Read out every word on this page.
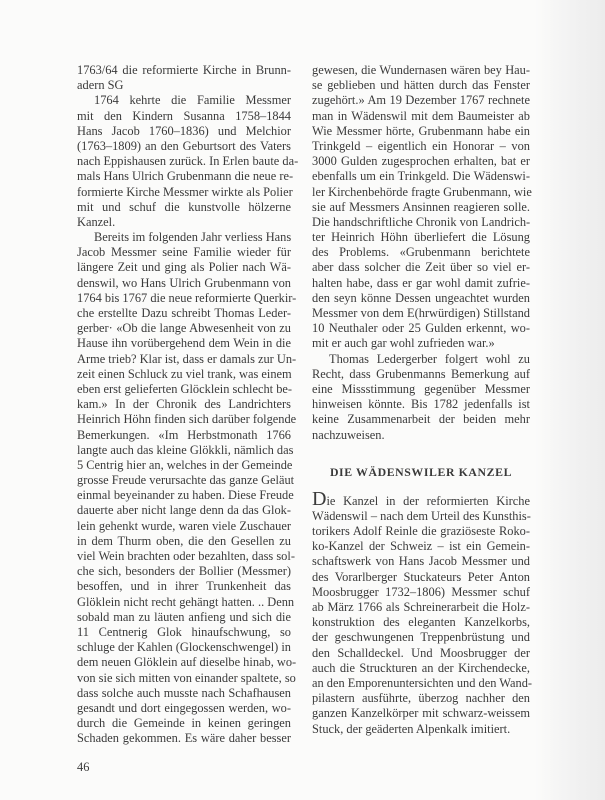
1763/64 die reformierte Kirche in Brunn-
adern SG
1764 kehrte die Familie Messmer
mit den Kindern Susanna 1758–1844
Hans Jacob 1760–1836) und Melchior
(1763–1809) an den Geburtsort des Vaters
nach Eppishausen zurück. In Erlen baute da-
mals Hans Ulrich Grubenmann die neue re-
formierte Kirche Messmer wirkte als Polier
mit und schuf die kunstvolle hölzerne
Kanzel.
Bereits im folgenden Jahr verliess Hans
Jacob Messmer seine Familie wieder für
längere Zeit und ging als Polier nach Wä-
denswil, wo Hans Ulrich Grubenmann von
1764 bis 1767 die neue reformierte Querkir-
che erstellte Dazu schreibt Thomas Leder-
gerber· «Ob die lange Abwesenheit von zu
Hause ihn vorübergehend dem Wein in die
Arme trieb? Klar ist, dass er damals zur Un-
zeit einen Schluck zu viel trank, was einem
eben erst gelieferten Glöcklein schlecht be-
kam.» In der Chronik des Landrichters
Heinrich Höhn finden sich darüber folgende
Bemerkungen. «Im Herbstmonath 1766
langte auch das kleine Glökkli, nämlich das
5 Centrig hier an, welches in der Gemeinde
grosse Freude verursachte das ganze Geläut
einmal beyeinander zu haben. Diese Freude
dauerte aber nicht lange denn da das Glok-
lein gehenkt wurde, waren viele Zuschauer
in dem Thurm oben, die den Gesellen zu
viel Wein brachten oder bezahlten, dass sol-
che sich, besonders der Bollier (Messmer)
besoffen, und in ihrer Trunkenheit das
Glöklein nicht recht gehängt hatten. .. Denn
sobald man zu läuten anfieng und sich die
11 Centnerig Glok hinaufschwung, so
schluge der Kahlen (Glockenschwengel) in
dem neuen Glöklein auf dieselbe hinab, wo-
von sie sich mitten von einander spaltete, so
dass solche auch musste nach Schafhausen
gesandt und dort eingegossen werden, wo-
durch die Gemeinde in keinen geringen
Schaden gekommen. Es wäre daher besser
gewesen, die Wundernasen wären bey Hau-
se geblieben und hätten durch das Fenster
zugehört.» Am 19 Dezember 1767 rechnete
man in Wädenswil mit dem Baumeister ab
Wie Messmer hörte, Grubenmann habe ein
Trinkgeld – eigentlich ein Honorar – von
3000 Gulden zugesprochen erhalten, bat er
ebenfalls um ein Trinkgeld. Die Wädenswi-
ler Kirchenbehörde fragte Grubenmann, wie
sie auf Messmers Ansinnen reagieren solle.
Die handschriftliche Chronik von Landrich-
ter Heinrich Höhn überliefert die Lösung
des Problems. «Grubenmann berichtete
aber dass solcher die Zeit über so viel er-
halten habe, dass er gar wohl damit zufrie-
den seyn könne Dessen ungeachtet wurden
Messmer von dem E(hrwürdigen) Stillstand
10 Neuthaler oder 25 Gulden erkennt, wo-
mit er auch gar wohl zufrieden war.»
Thomas Ledergerber folgert wohl zu
Recht, dass Grubenmanns Bemerkung auf
eine Missstimmung gegenüber Messmer
hinweisen könnte. Bis 1782 jedenfalls ist
keine Zusammenarbeit der beiden mehr
nachzuweisen.
DIE WÄDENSWILER KANZEL
Die Kanzel in der reformierten Kirche
Wädenswil – nach dem Urteil des Kunsthis-
torikers Adolf Reinle die graziöseste Roko-
ko-Kanzel der Schweiz – ist ein Gemein-
schaftswerk von Hans Jacob Messmer und
des Vorarlberger Stuckateurs Peter Anton
Moosbrugger 1732–1806) Messmer schuf
ab März 1766 als Schreinerarbeit die Holz-
konstruktion des eleganten Kanzelkorbs,
der geschwungenen Treppenbrüstung und
den Schalldeckel. Und Moosbrugger der
auch die Struckturen an der Kirchendecke,
an den Emporenuntersichten und den Wand-
pilastern ausführte, überzog nachher den
ganzen Kanzelkörper mit schwarz-weissem
Stuck, der geäderten Alpenkalk imitiert.
46
